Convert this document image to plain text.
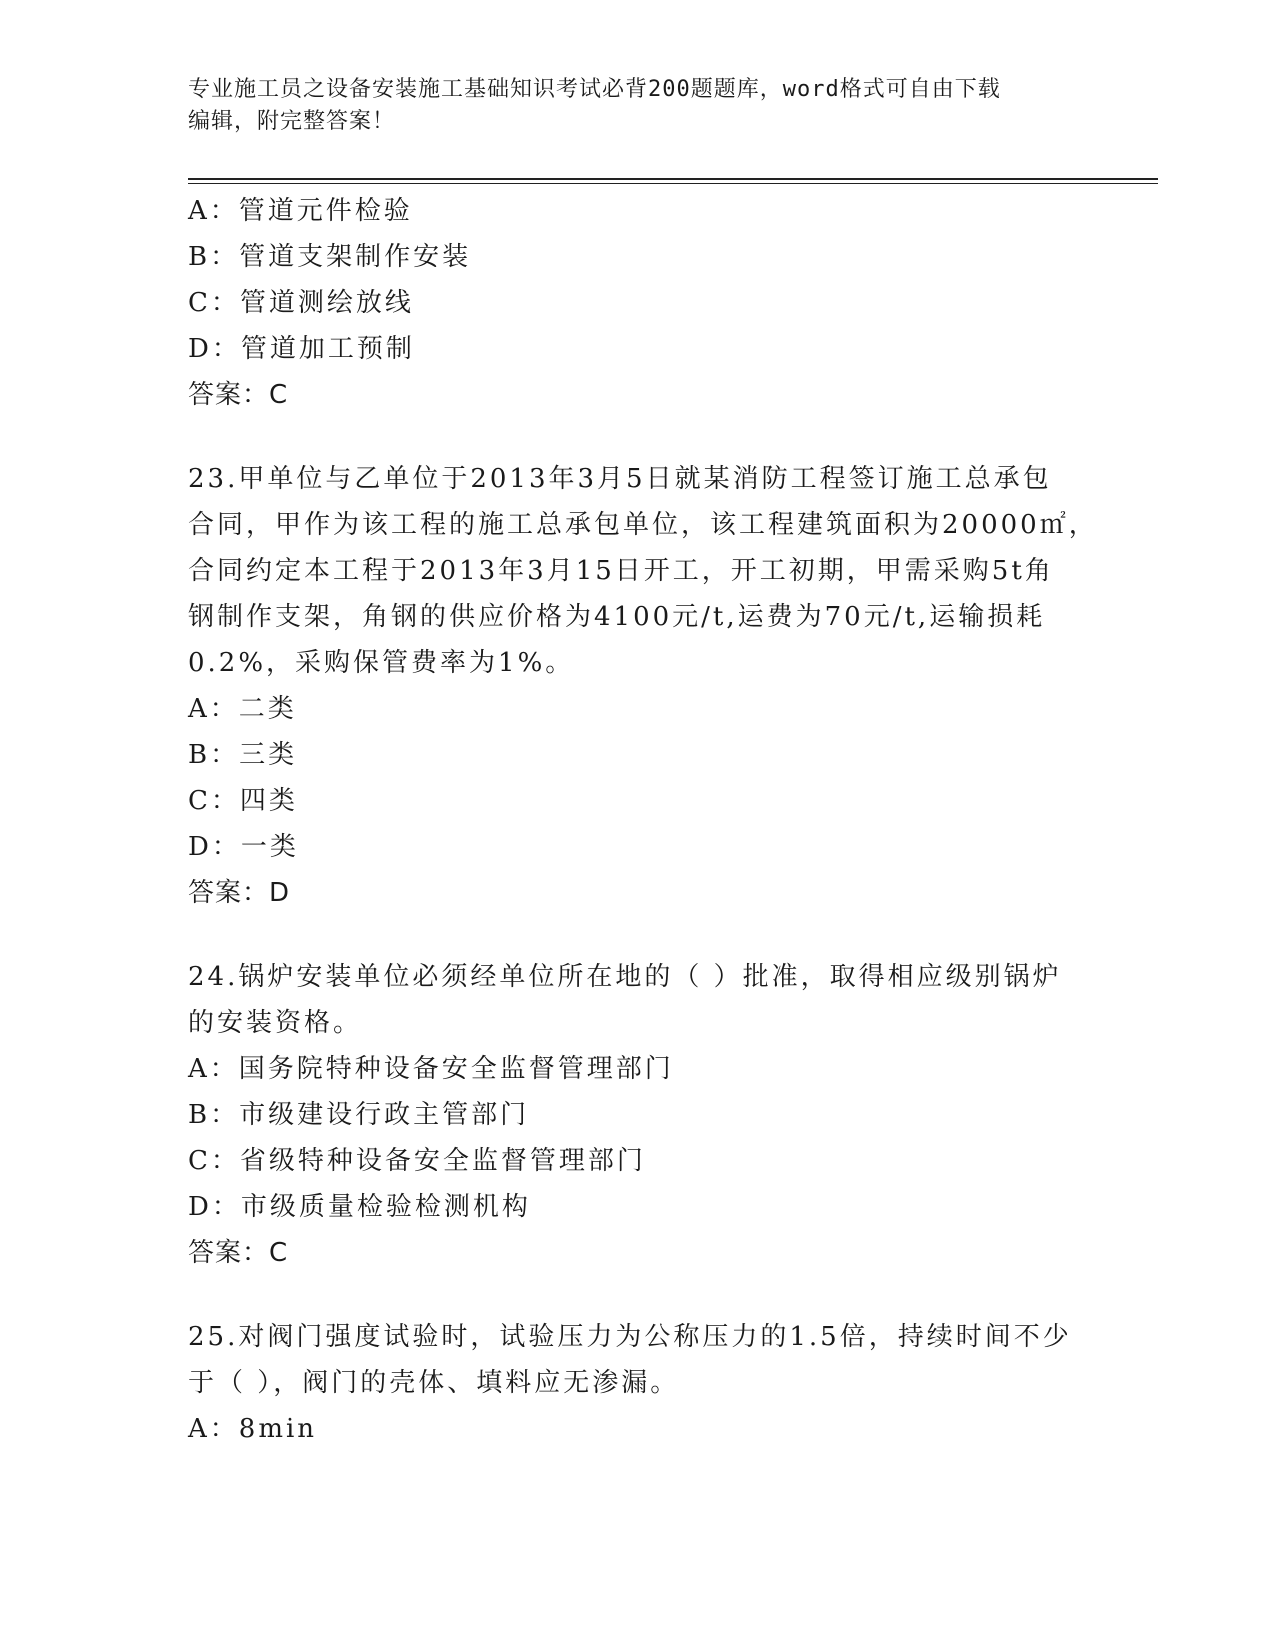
专业施工员之设备安装施工基础知识考试必背200题题库，word格式可自由下载
编辑，附完整答案！
A：管道元件检验
B：管道支架制作安装
C：管道测绘放线
D：管道加工预制
答案：C
23.甲单位与乙单位于2013年3月5日就某消防工程签订施工总承包
合同，甲作为该工程的施工总承包单位，该工程建筑面积为20000㎡，
合同约定本工程于2013年3月15日开工，开工初期，甲需采购5t角
钢制作支架，角钢的供应价格为4100元/t,运费为70元/t,运输损耗
0.2%，采购保管费率为1%。
A：二类
B：三类
C：四类
D：一类
答案：D
24.锅炉安装单位必须经单位所在地的（ ）批准，取得相应级别锅炉
的安装资格。
A：国务院特种设备安全监督管理部门
B：市级建设行政主管部门
C：省级特种设备安全监督管理部门
D：市级质量检验检测机构
答案：C
25.对阀门强度试验时，试验压力为公称压力的1.5倍，持续时间不少
于（ ），阀门的壳体、填料应无渗漏。
A：8min
